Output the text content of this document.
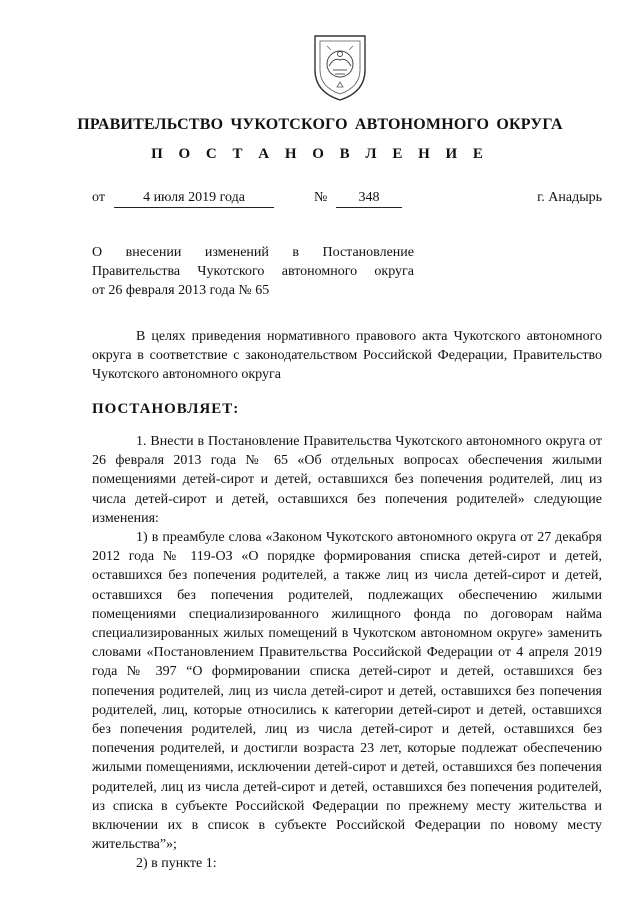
ПРАВИТЕЛЬСТВО ЧУКОТСКОГО АВТОНОМНОГО ОКРУГА
П О С Т А Н О В Л Е Н И Е
от	4 июля 2019 года	№	348	г. Анадырь
О внесении изменений в Постановление
Правительства Чукотского автономного округа
от 26 февраля 2013 года № 65

В целях приведения нормативного правового акта Чукотского автономного округа в соответствие с законодательством Российской Федерации, Правительство Чукотского автономного округа

ПОСТАНОВЛЯЕТ:

1. Внести в Постановление Правительства Чукотского автономного округа от 26 февраля 2013 года № 65 «Об отдельных вопросах обеспечения жилыми помещениями детей-сирот и детей, оставшихся без попечения родителей, лиц из числа детей-сирот и детей, оставшихся без попечения родителей» следующие изменения:

1) в преамбуле слова «Законом Чукотского автономного округа от 27 декабря 2012 года № 119-ОЗ «О порядке формирования списка детей-сирот и детей, оставшихся без попечения родителей, а также лиц из числа детей-сирот и детей, оставшихся без попечения родителей, подлежащих обеспечению жилыми помещениями специализированного жилищного фонда по договорам найма специализированных жилых помещений в Чукотском автономном округе» заменить словами «Постановлением Правительства Российской Федерации от 4 апреля 2019 года № 397 “О формировании списка детей-сирот и детей, оставшихся без попечения родителей, лиц из числа детей-сирот и детей, оставшихся без попечения родителей, лиц, которые относились к категории детей-сирот и детей, оставшихся без попечения родителей, лиц из числа детей-сирот и детей, оставшихся без попечения родителей, и достигли возраста 23 лет, которые подлежат обеспечению жилыми помещениями, исключении детей-сирот и детей, оставшихся без попечения родителей, лиц из числа детей-сирот и детей, оставшихся без попечения родителей, из списка в субъекте Российской Федерации по прежнему месту жительства и включении их в список в субъекте Российской Федерации по новому месту жительства”»;

2) в пункте 1:
